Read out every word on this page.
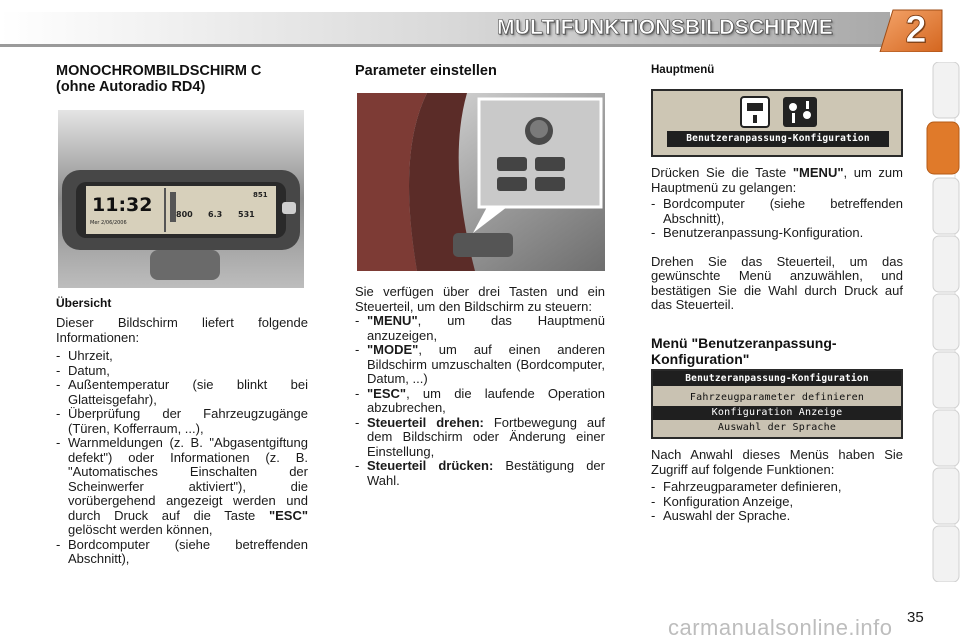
MULTIFUNKTIONSBILDSCHIRME	2
MONOCHROMBILDSCHIRM C
(ohne Autoradio RD4)
11:32
Mer 2/06/2006
851
800 6.3 531
Übersicht

Dieser Bildschirm liefert folgende Informationen:

- Uhrzeit,
- Datum,
- Außentemperatur (sie blinkt bei Glatteisgefahr),
- Überprüfung der Fahrzeugzugänge (Türen, Kofferraum, ...),
- Warnmeldungen (z. B. "Abgasentgiftung defekt") oder Informationen (z. B. "Automatisches Einschalten der Scheinwerfer aktiviert"), die vorübergehend angezeigt werden und durch Druck auf die Taste "ESC" gelöscht werden können,
- Bordcomputer (siehe betreffenden Abschnitt),
Parameter einstellen

Sie verfügen über drei Tasten und ein Steuerteil, um den Bildschirm zu steuern:

- "MENU", um das Hauptmenü anzuzeigen,
- "MODE", um auf einen anderen Bildschirm umzuschalten (Bordcomputer, Datum, ...)
- "ESC", um die laufende Operation abzubrechen,
- Steuerteil drehen: Fortbewegung auf dem Bildschirm oder Änderung einer Einstellung,
- Steuerteil drücken: Bestätigung der Wahl.
Hauptmenü
Benutzeranpassung-Konfiguration

Drücken Sie die Taste "MENU", um zum Hauptmenü zu gelangen:

- Bordcomputer (siehe betreffenden Abschnitt),
- Benutzeranpassung-Konfiguration.

Drehen Sie das Steuerteil, um das gewünschte Menü anzuwählen, und bestätigen Sie die Wahl durch Druck auf das Steuerteil.

Menü "Benutzeranpassung-
Konfiguration"
Benutzeranpassung-Konfiguration
Fahrzeugparameter definieren
Konfiguration Anzeige
Auswahl der Sprache

Nach Anwahl dieses Menüs haben Sie Zugriff auf folgende Funktionen:

- Fahrzeugparameter definieren,
- Konfiguration Anzeige,
- Auswahl der Sprache.
carmanualsonline.info 35
